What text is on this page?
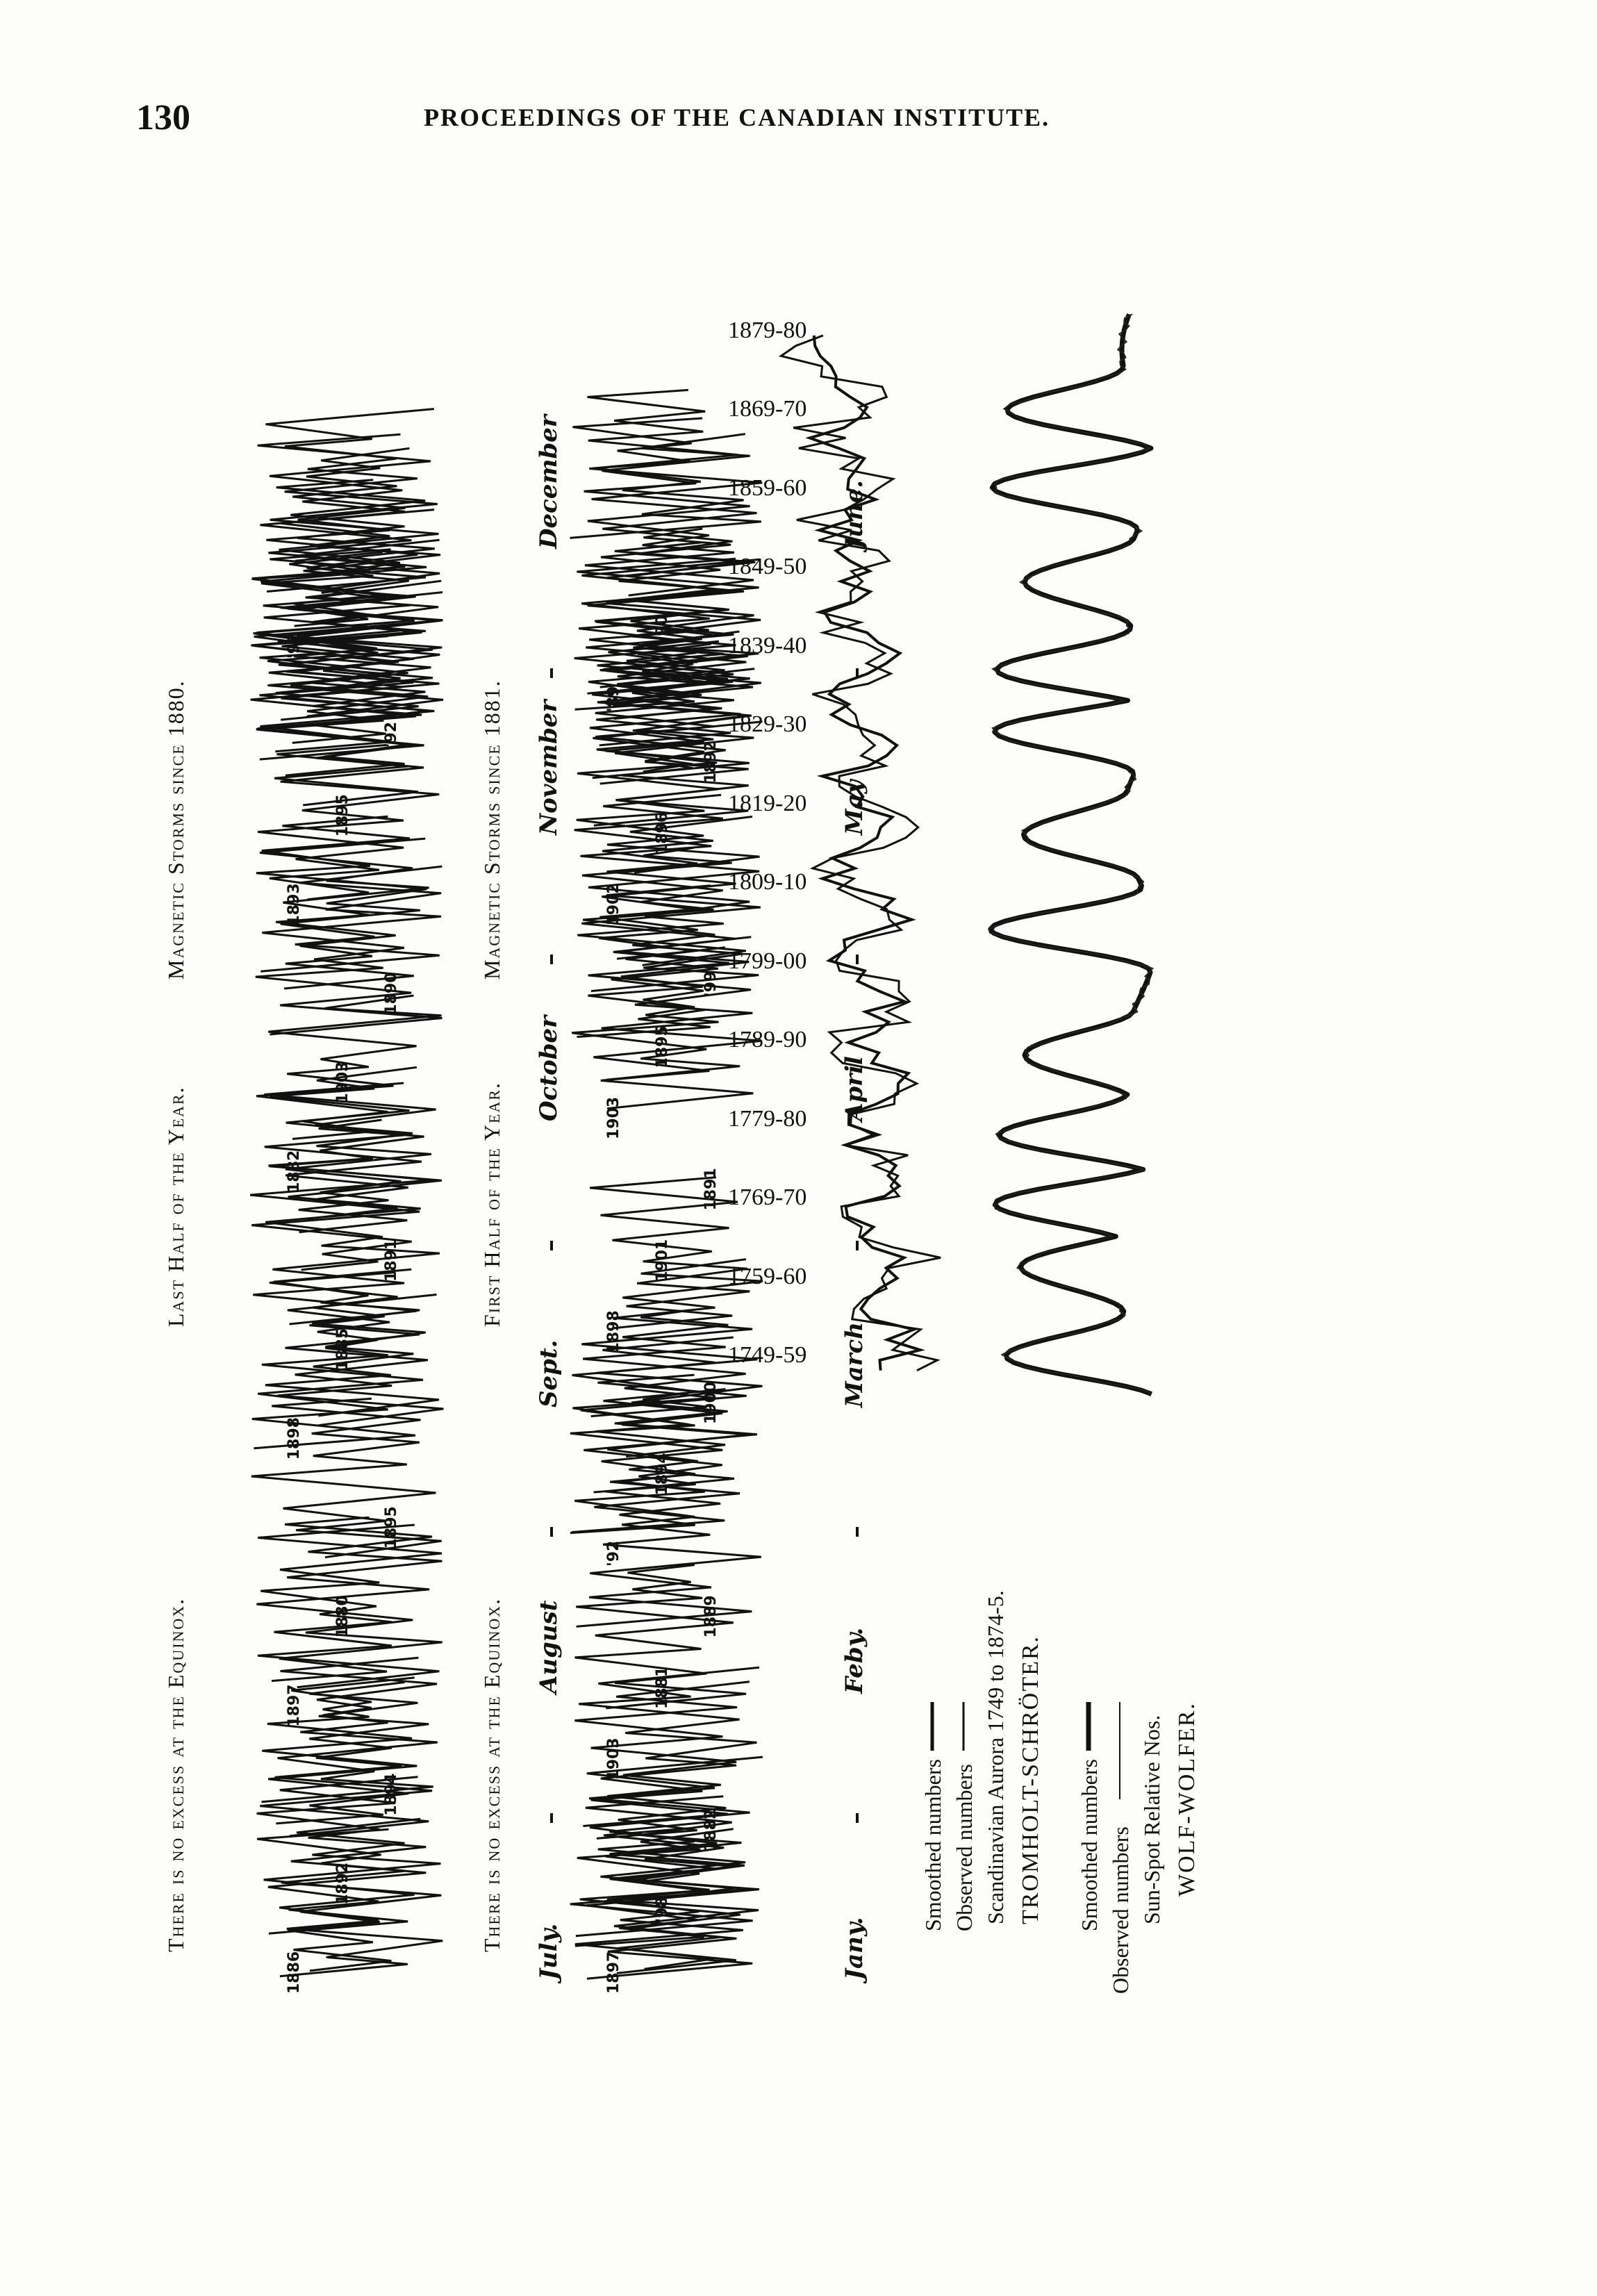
130	PROCEEDINGS OF THE CANADIAN INSTITUTE.
WOLF-WOLFER.
Sun-Spot Relative Nos.
Observed numbers
Smoothed numbers
TROMHOLT-SCHRÖTER.
Scandinavian Aurora 1749 to 1874-5.
Observed numbers
Smoothed numbers
1749-59
1759-60
1769-70
1779-80
1789-90
1799-00
1809-10
1819-20
1829-30
1839-40
1849-50
1859-60
1869-70
1879-80
Jany.
Feby.
March
April
May
June.
July.
August
Sept.
October
November
December
Magnetic Storms since 1881.
First Half of the Year.
There is no excess at the Equinox.
Magnetic Storms since 1880.
Last Half of the Year.
There is no excess at the Equinox.
1897
'98
1882
1903
1881
1889
'92
1894
1900
1898
1901
1891
1903
1895
'99
1902
1896
1892
'89
'90
1886
1892
1894
1897
1880
1895
1898
1885
1891
1882
1903
1890
1893
1895
'92
'91
